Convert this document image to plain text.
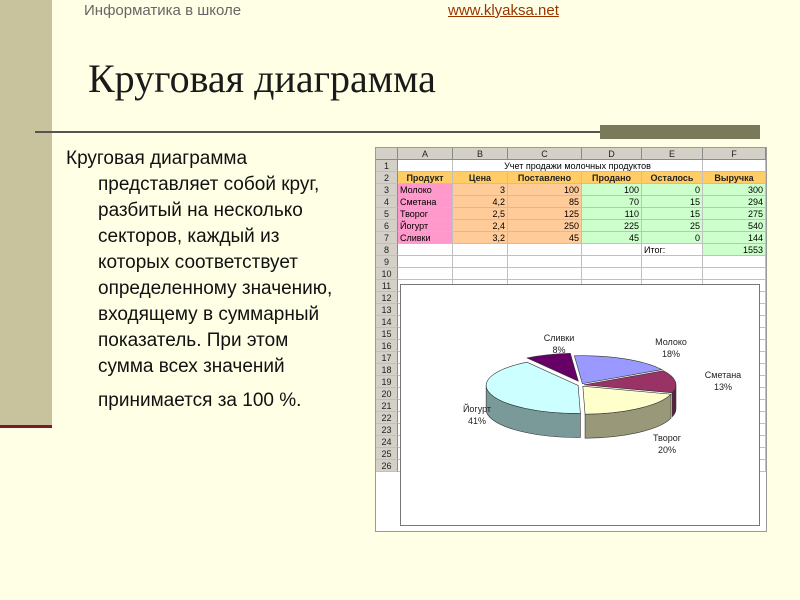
Информатика в школе	www.klyaksa.net
Круговая диаграмма
Круговая диаграмма
представляет собой круг,
разбитый на несколько
секторов, каждый из
которых соответствует
определенному значению,
входящему в суммарный
показатель. При этом
сумма всех значений
принимается за 100 %.
A	B	C	D	E	F
1
2
3
4
5
6
7
8
9
10
11
12
13
14
15
16
17
18
19
20
21
22
23
24
25
26
Учет продажи молочных продуктов
Продукт	Цена	Поставлено	Продано	Осталось	Выручка
Молоко	3	100	100	0	300
Сметана	4,2	85	70	15	294
Творог	2,5	125	110	15	275
Йогурт	2,4	250	225	25	540
Сливки	3,2	45	45	0	144
Итог:	1553
Молоко
18%
Сметана
13%
Творог
20%
Йогурт
41%
Сливки
8%
